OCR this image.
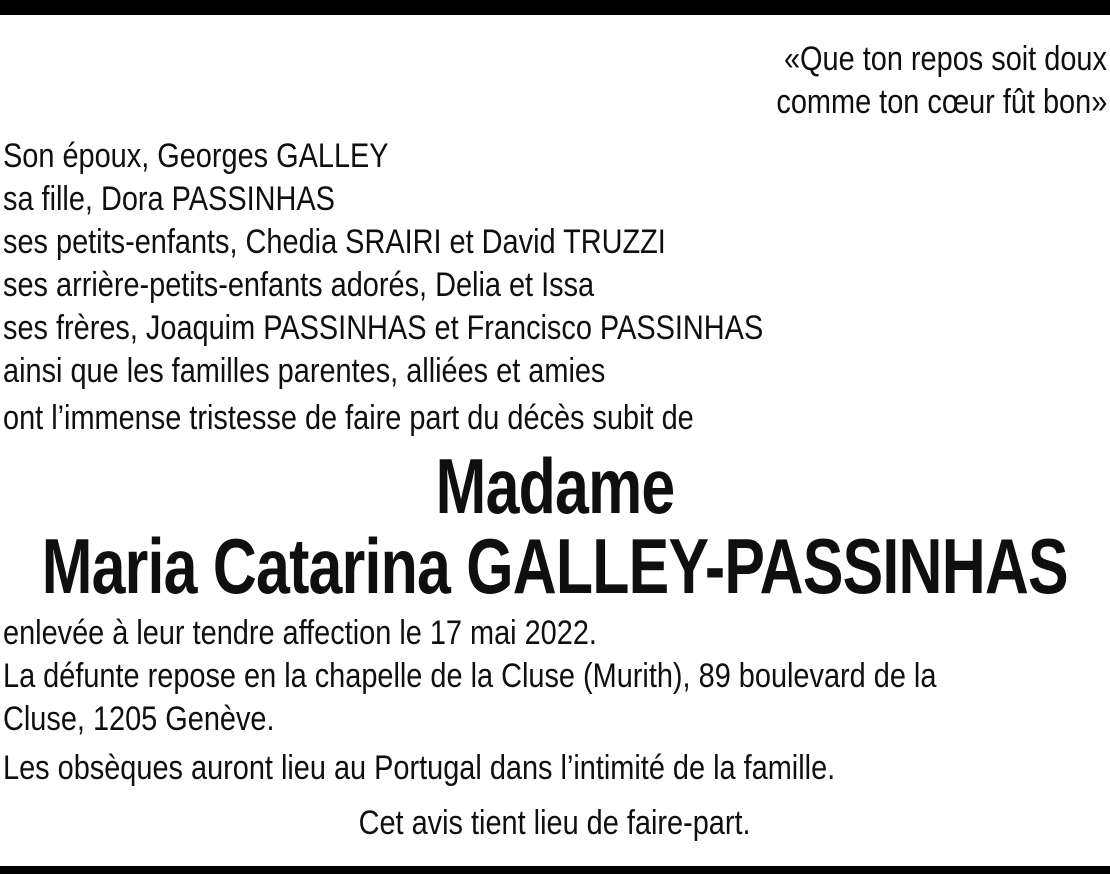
«Que ton repos soit doux
comme ton cœur fût bon»
Son époux, Georges GALLEY
sa fille, Dora PASSINHAS
ses petits-enfants, Chedia SRAIRI et David TRUZZI
ses arrière-petits-enfants adorés, Delia et Issa
ses frères, Joaquim PASSINHAS et Francisco PASSINHAS
ainsi que les familles parentes, alliées et amies
ont l’immense tristesse de faire part du décès subit de
Madame
Maria Catarina GALLEY-PASSINHAS
enlevée à leur tendre affection le 17 mai 2022.
La défunte repose en la chapelle de la Cluse (Murith), 89 boulevard de la
Cluse, 1205 Genève.
Les obsèques auront lieu au Portugal dans l’intimité de la famille.
Cet avis tient lieu de faire-part.
